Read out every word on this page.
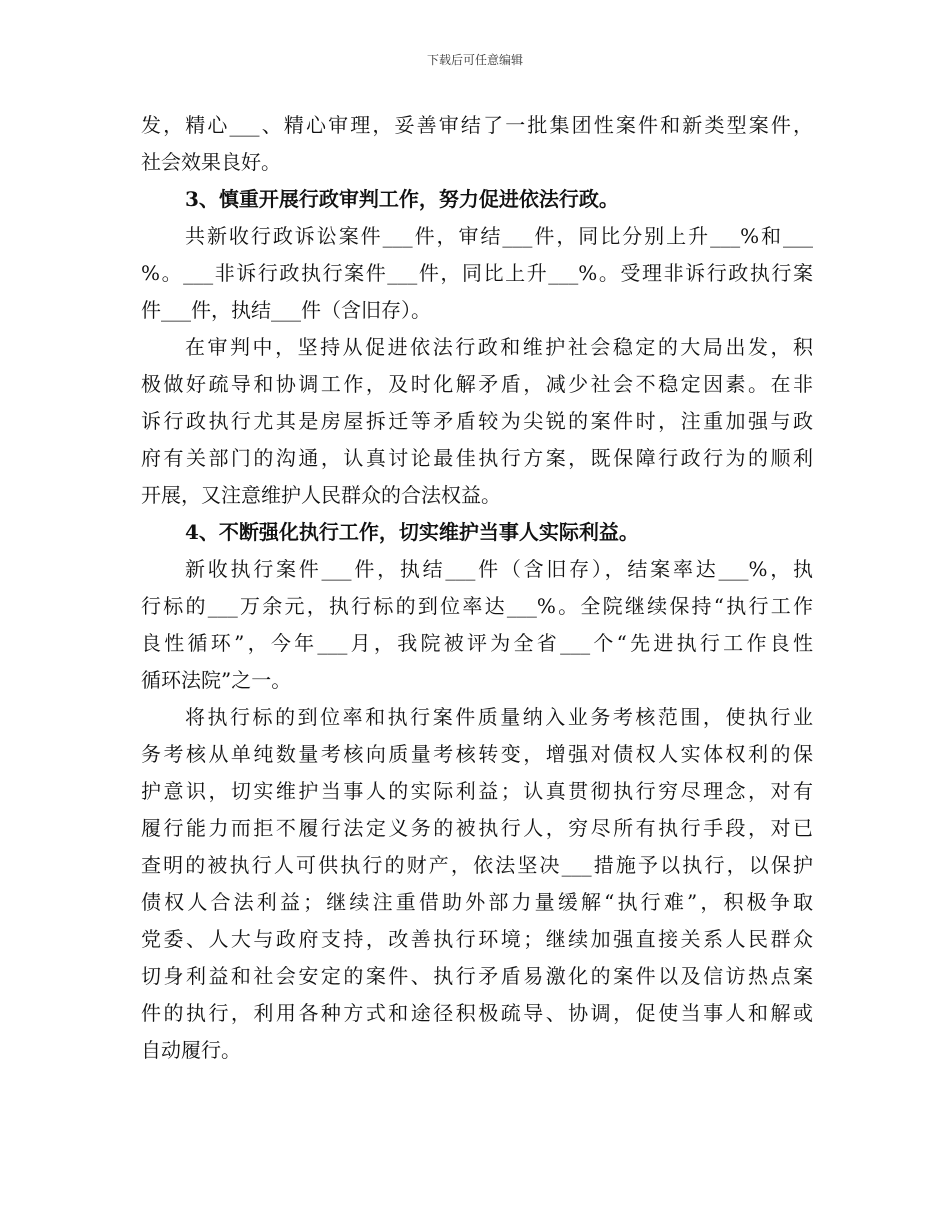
下载后可任意编辑
发，精心___、精心审理，妥善审结了一批集团性案件和新类型案件，
社会效果良好。
3、慎重开展行政审判工作，努力促进依法行政。
共新收行政诉讼案件___件，审结___件，同比分别上升___%和___
%。___非诉行政执行案件___件，同比上升___%。受理非诉行政执行案
件___件，执结___件（含旧存）。
在审判中，坚持从促进依法行政和维护社会稳定的大局出发，积
极做好疏导和协调工作，及时化解矛盾，减少社会不稳定因素。在非
诉行政执行尤其是房屋拆迁等矛盾较为尖锐的案件时，注重加强与政
府有关部门的沟通，认真讨论最佳执行方案，既保障行政行为的顺利
开展，又注意维护人民群众的合法权益。
4、不断强化执行工作，切实维护当事人实际利益。
新收执行案件___件，执结___件（含旧存），结案率达___%，执
行标的___万余元，执行标的到位率达___%。全院继续保持“执行工作
良性循环”，今年___月，我院被评为全省___个“先进执行工作良性
循环法院”之一。
将执行标的到位率和执行案件质量纳入业务考核范围，使执行业
务考核从单纯数量考核向质量考核转变，增强对债权人实体权利的保
护意识，切实维护当事人的实际利益；认真贯彻执行穷尽理念，对有
履行能力而拒不履行法定义务的被执行人，穷尽所有执行手段，对已
查明的被执行人可供执行的财产，依法坚决___措施予以执行，以保护
债权人合法利益；继续注重借助外部力量缓解“执行难”，积极争取
党委、人大与政府支持，改善执行环境；继续加强直接关系人民群众
切身利益和社会安定的案件、执行矛盾易激化的案件以及信访热点案
件的执行，利用各种方式和途径积极疏导、协调，促使当事人和解或
自动履行。
